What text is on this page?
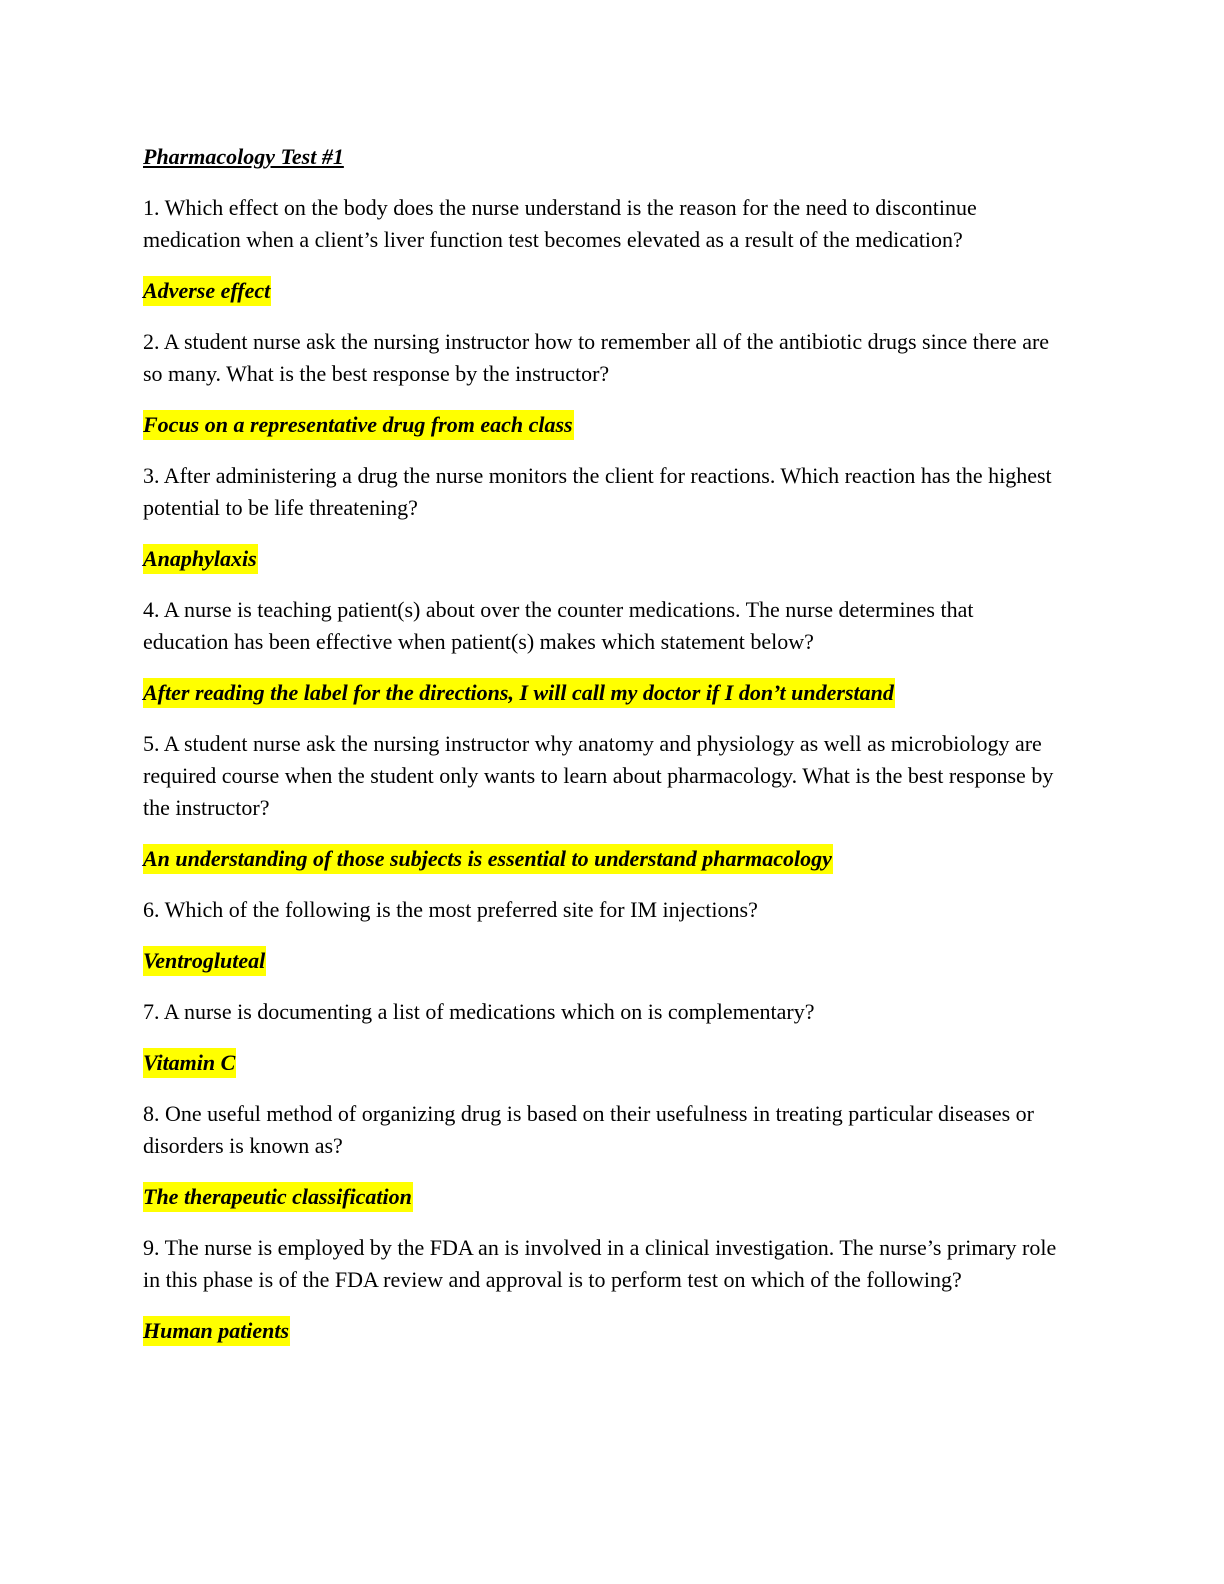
Pharmacology Test #1
1. Which effect on the body does the nurse understand is the reason for the need to discontinue medication when a client’s liver function test becomes elevated as a result of the medication?
Adverse effect
2. A student nurse ask the nursing instructor how to remember all of the antibiotic drugs since there are so many. What is the best response by the instructor?
Focus on a representative drug from each class
3. After administering a drug the nurse monitors the client for reactions. Which reaction has the highest potential to be life threatening?
Anaphylaxis
4. A nurse is teaching patient(s) about over the counter medications. The nurse determines that education has been effective when patient(s) makes which statement below?
After reading the label for the directions, I will call my doctor if I don’t understand
5. A student nurse ask the nursing instructor why anatomy and physiology as well as microbiology are required course when the student only wants to learn about pharmacology. What is the best response by the instructor?
An understanding of those subjects is essential to understand pharmacology
6. Which of the following is the most preferred site for IM injections?
Ventrogluteal
7. A nurse is documenting a list of medications which on is complementary?
Vitamin C
8. One useful method of organizing drug is based on their usefulness in treating particular diseases or disorders is known as?
The therapeutic classification
9. The nurse is employed by the FDA an is involved in a clinical investigation. The nurse’s primary role in this phase is of the FDA review and approval is to perform test on which of the following?
Human patients
